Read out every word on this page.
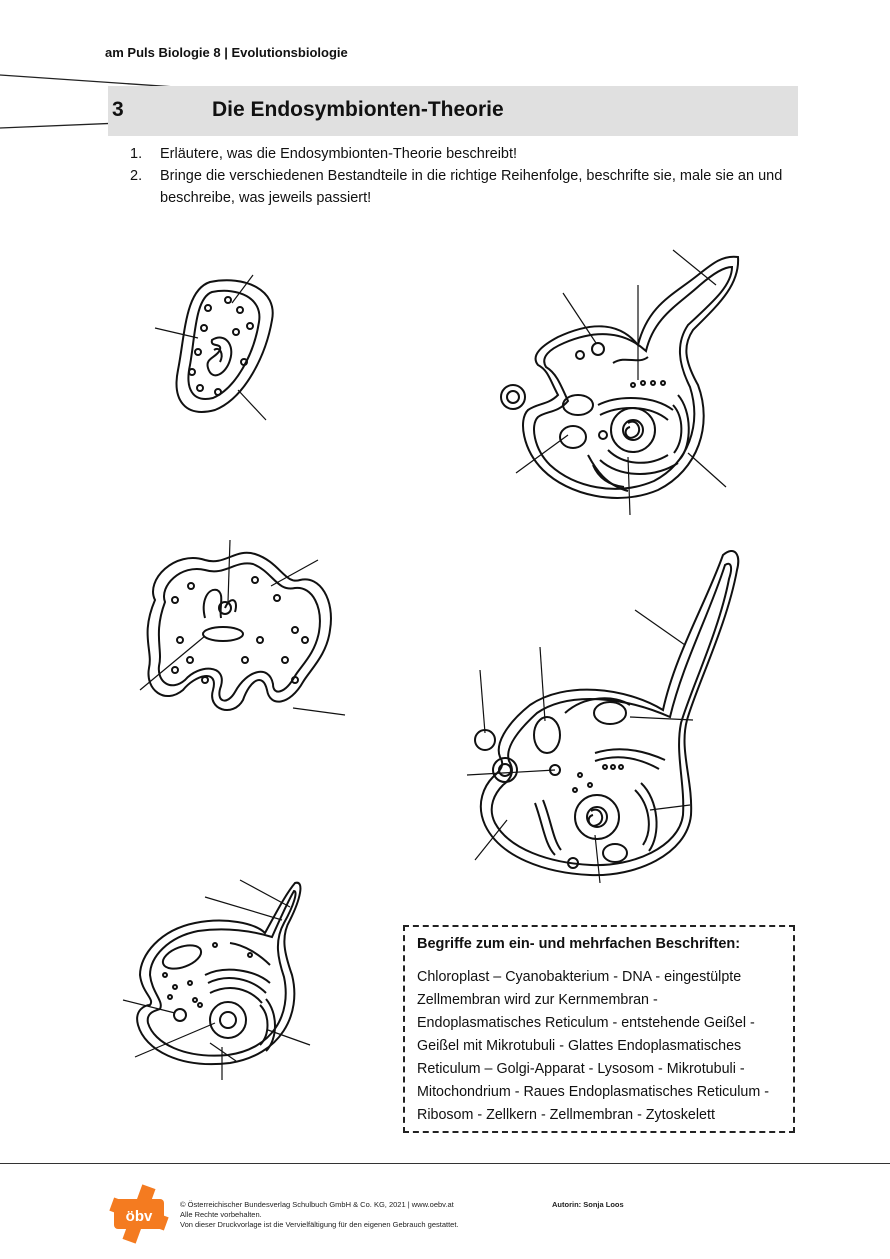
am Puls Biologie 8 | Evolutionsbiologie
3	Die Endosymbionten-Theorie
1. Erläutere, was die Endosymbionten-Theorie beschreibt!
2. Bringe die verschiedenen Bestandteile in die richtige Reihenfolge, beschrifte sie, male sie an und beschreibe, was jeweils passiert!
Begriffe zum ein- und mehrfachen Beschriften:
Chloroplast – Cyanobakterium - DNA - eingestülpte Zellmembran wird zur Kernmembran - Endoplasmatisches Reticulum - entstehende Geißel - Geißel mit Mikrotubuli - Glattes Endoplasmatisches Reticulum – Golgi-Apparat - Lysosom - Mikrotubuli - Mitochondrium - Raues Endoplasmatisches Reticulum - Ribosom - Zellkern - Zellmembran - Zytoskelett
öbv
© Österreichischer Bundesverlag Schulbuch GmbH & Co. KG, 2021 | www.oebv.at
Alle Rechte vorbehalten.
Von dieser Druckvorlage ist die Vervielfältigung für den eigenen Gebrauch gestattet.
Autorin: Sonja Loos
